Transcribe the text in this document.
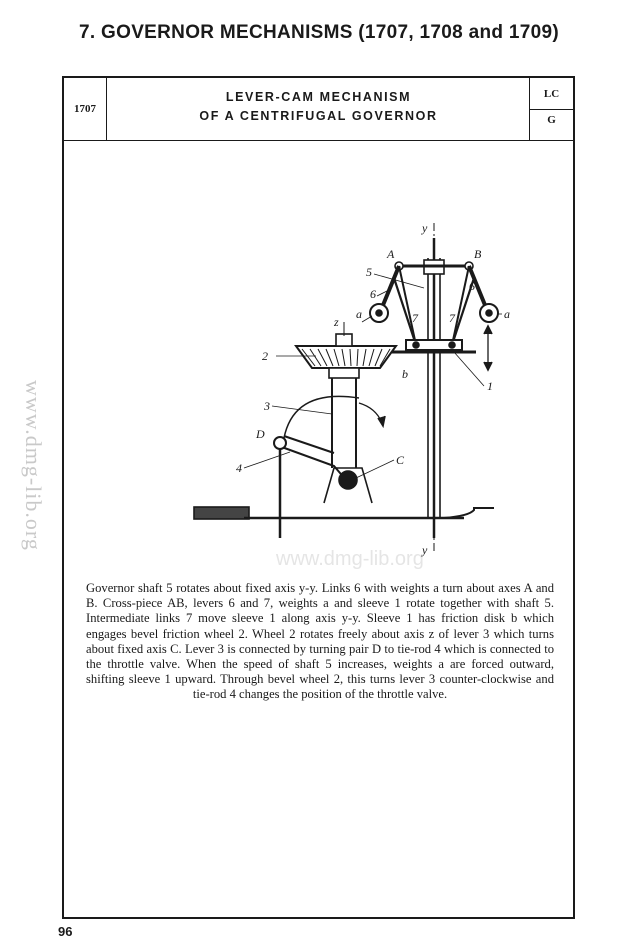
7. GOVERNOR MECHANISMS (1707, 1708 and 1709)
www.dmg-lib.org
1707
LEVER-CAM MECHANISM
OF A CENTRIFUGAL GOVERNOR
LC
G
y
y
A	B
5
6
6
7	7
a	a
z
2
b
1
3
D
4
C
www.dmg-lib.org
Governor shaft 5 rotates about fixed axis y-y. Links 6 with weights a turn about axes A and B. Cross-piece AB, levers 6 and 7, weights a and sleeve 1 rotate together with shaft 5. Intermediate links 7 move sleeve 1 along axis y-y. Sleeve 1 has friction disk b which engages bevel friction wheel 2. Wheel 2 rotates freely about axis z of lever 3 which turns about fixed axis C. Lever 3 is connected by turning pair D to tie-rod 4 which is connected to the throttle valve. When the speed of shaft 5 increases, weights a are forced outward, shifting sleeve 1 upward. Through bevel wheel 2, this turns lever 3 counter-clockwise and tie-rod 4 changes the position of the throttle valve.
96
